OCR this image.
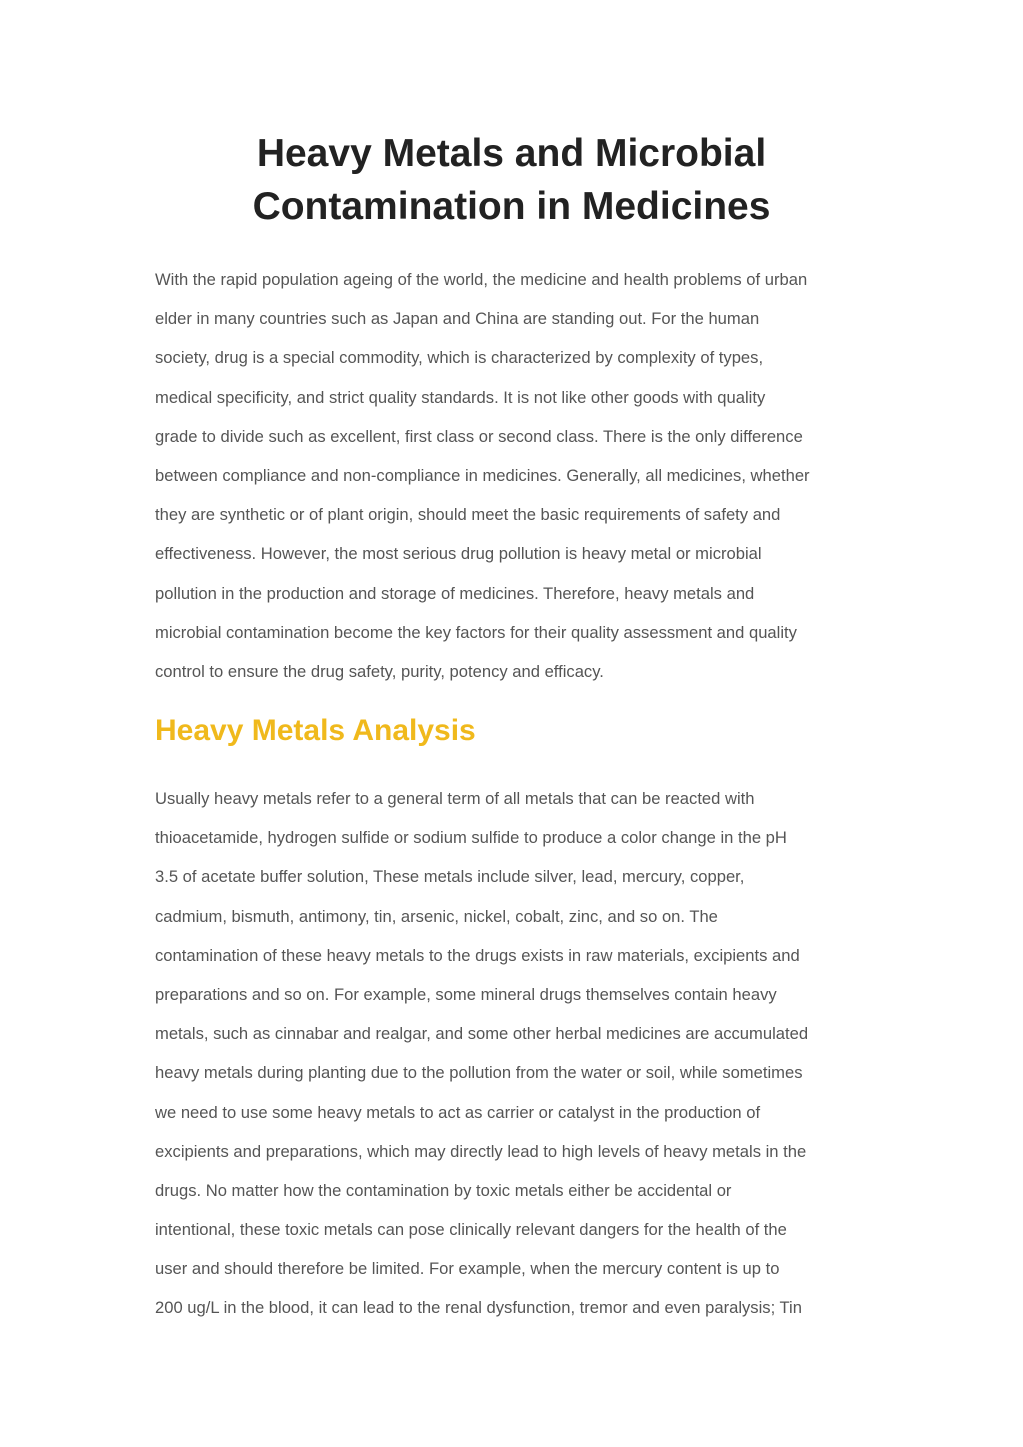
Heavy Metals and Microbial
Contamination in Medicines

With the rapid population ageing of the world, the medicine and health problems of urban
elder in many countries such as Japan and China are standing out. For the human
society, drug is a special commodity, which is characterized by complexity of types,
medical specificity, and strict quality standards. It is not like other goods with quality
grade to divide such as excellent, first class or second class. There is the only difference
between compliance and non-compliance in medicines. Generally, all medicines, whether
they are synthetic or of plant origin, should meet the basic requirements of safety and
effectiveness. However, the most serious drug pollution is heavy metal or microbial
pollution in the production and storage of medicines. Therefore, heavy metals and
microbial contamination become the key factors for their quality assessment and quality
control to ensure the drug safety, purity, potency and efficacy.

Heavy Metals Analysis

Usually heavy metals refer to a general term of all metals that can be reacted with
thioacetamide, hydrogen sulfide or sodium sulfide to produce a color change in the pH
3.5 of acetate buffer solution, These metals include silver, lead, mercury, copper,
cadmium, bismuth, antimony, tin, arsenic, nickel, cobalt, zinc, and so on. The
contamination of these heavy metals to the drugs exists in raw materials, excipients and
preparations and so on. For example, some mineral drugs themselves contain heavy
metals, such as cinnabar and realgar, and some other herbal medicines are accumulated
heavy metals during planting due to the pollution from the water or soil, while sometimes
we need to use some heavy metals to act as carrier or catalyst in the production of
excipients and preparations, which may directly lead to high levels of heavy metals in the
drugs. No matter how the contamination by toxic metals either be accidental or
intentional, these toxic metals can pose clinically relevant dangers for the health of the
user and should therefore be limited. For example, when the mercury content is up to
200 ug/L in the blood, it can lead to the renal dysfunction, tremor and even paralysis; Tin
